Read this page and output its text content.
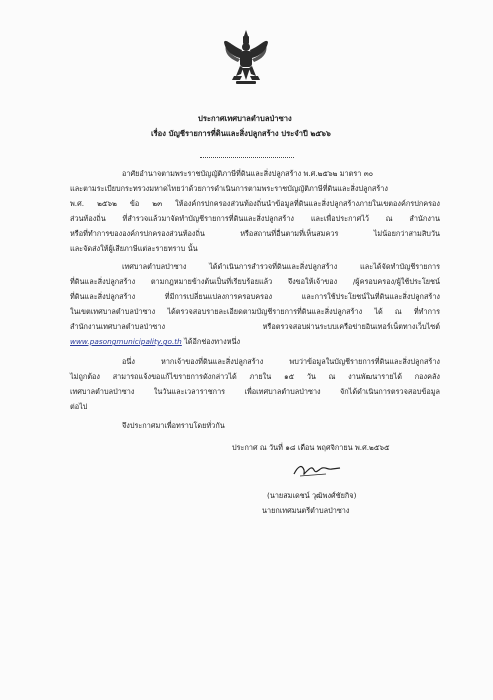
ประกาศเทศบาลตำบลป่าซาง
เรื่อง บัญชีรายการที่ดินและสิ่งปลูกสร้าง ประจำปี ๒๕๖๖
อาศัยอำนาจตามพระราชบัญญัติภาษีที่ดินและสิ่งปลูกสร้าง พ.ศ.๒๕๖๒ มาตรา ๓๐
และตามระเบียบกระทรวงมหาดไทยว่าด้วยการดำเนินการตามพระราชบัญญัติภาษีที่ดินและสิ่งปลูกสร้าง
พ.ศ. ๒๕๖๒ ข้อ ๒๓ ให้องค์กรปกครองส่วนท้องถิ่นนำข้อมูลที่ดินและสิ่งปลูกสร้างภายในเขตองค์กรปกครอง
ส่วนท้องถิ่น ที่สำรวจแล้วมาจัดทำบัญชีรายการที่ดินและสิ่งปลูกสร้าง และเพื่อประกาศไว้ ณ สำนักงาน
หรือที่ทำการขององค์กรปกครองส่วนท้องถิ่น หรือสถานที่อื่นตามที่เห็นสมควร ไม่น้อยกว่าสามสิบวัน
และจัดส่งให้ผู้เสียภาษีแต่ละรายทราบ นั้น
เทศบาลตำบลป่าซาง ได้ดำเนินการสำรวจที่ดินและสิ่งปลูกสร้าง และได้จัดทำบัญชีรายการ
ที่ดินและสิ่งปลูกสร้าง ตามกฎหมายข้างต้นเป็นที่เรียบร้อยแล้ว จึงขอให้เจ้าของ /ผู้ครอบครอง/ผู้ใช้ประโยชน์
ที่ดินและสิ่งปลูกสร้าง ที่มีการเปลี่ยนแปลงการครอบครอง และการใช้ประโยชน์ในที่ดินและสิ่งปลูกสร้าง
ในเขตเทศบาลตำบลป่าซาง ได้ตรวจสอบรายละเอียดตามบัญชีรายการที่ดินและสิ่งปลูกสร้าง ได้ ณ ที่ทำการ
สำนักงานเทศบาลตำบลป่าซาง หรือตรวจสอบผ่านระบบเครือข่ายอินเทอร์เน็ตทางเว็บไซต์
www.pasongmunicipality.go.th ได้อีกช่องทางหนึ่ง
อนึ่ง หากเจ้าของที่ดินและสิ่งปลูกสร้าง พบว่าข้อมูลในบัญชีรายการที่ดินและสิ่งปลูกสร้าง
ไม่ถูกต้อง สามารถแจ้งขอแก้ไขรายการดังกล่าวได้ ภายใน ๑๕ วัน ณ งานพัฒนารายได้ กองคลัง
เทศบาลตำบลป่าซาง ในวันและเวลาราชการ เพื่อเทศบาลตำบลป่าซาง จักได้ดำเนินการตรวจสอบข้อมูล
ต่อไป
จึงประกาศมาเพื่อทราบโดยทั่วกัน
ประกาศ ณ วันที่ ๑๘ เดือน พฤศจิกายน พ.ศ.๒๕๖๕
(นายสมเดชน์ วุฒิพงศ์ชัยกิจ)
นายกเทศมนตรีตำบลป่าซาง
